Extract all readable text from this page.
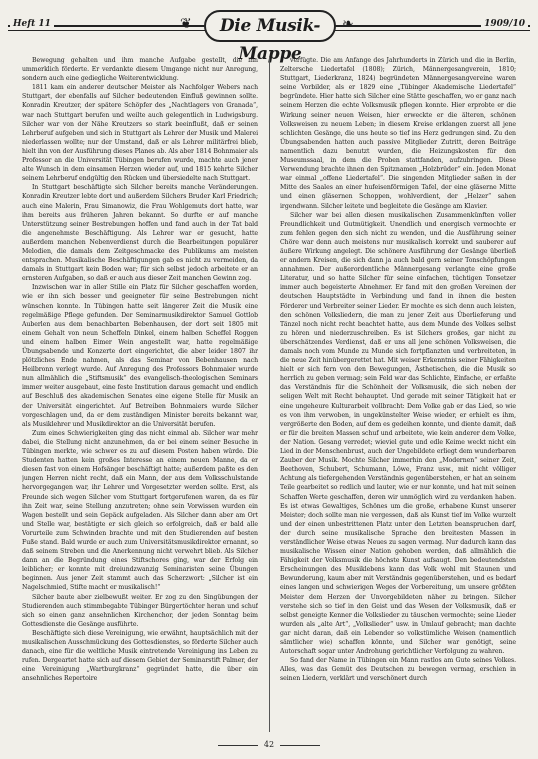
Heft 11	❦	Die Musik-Mappe
❧	1909/10

Bewegung gehalten und ihm manche Aufgabe gestellt, die ihn ummerklich förderte. Er verdankte diesem Umgange nicht nur Anregung, sondern auch eine gediegliche Weiterentwicklung.

1811 kam ein anderer deutscher Meister als Nachfolger Webers nach Stuttgart, der ebenfalls auf Silcher bedeutenden Einfluß gewinnen sollte. Konradin Kreutzer, der spätere Schöpfer des „Nachtlagers von Granada“, war nach Stuttgart berufen und weilte auch gelegentlich in Ludwigsburg. Silcher war von der Nähe Kreutzers so stark beeinflußt, daß er seinen Lehrberuf aufgeben und sich in Stuttgart als Lehrer der Musik und Malerei niederlassen wollte; nur der Umstand, daß er als Lehrer militärfrei blieb, hielt ihn von der Ausführung dieses Planes ab. Als aber 1814 Bohnmaier als Professor an die Universität Tübingen berufen wurde, machte auch jener alte Wunsch in dem einsamen Herzen wieder auf, und 1815 kehrte Silcher seinem Lehrberuf endgültig den Rücken und übersiedelte nach Stuttgart.

In Stuttgart beschäftigte sich Silcher bereits manche Veränderungen. Konradin Kreutzer lebte dort und außerdem Silchers Bruder Karl Friedrich; auch eine Malerin, Frau Simanowiz, die Frau Wohlgemuts dort hatte, war ihm bereits aus früheren Jahren bekannt. So durfte er auf manche Unterstützung seiner Bestrebungen hoffen und fand auch in der Tat bald die angenehmste Beschäftigung. Als Lehrer war er gesucht, hatte außerdem manchen Nebenverdienst durch die Bearbeitungen populärer Melodien, die damals dem Zeitgeschmacke des Publikums am meisten entsprachen. Musikalische Beschäftigungen gab es nicht zu vermeiden, da damals in Stuttgart kein Boden war; für sich selbst jedoch arbeitete er an ernsteren Aufgaben, so daß er auch aus dieser Zeit manchen Gewinn zog.

Inzwischen war in aller Stille ein Platz für Silcher geschaffen worden, wie er ihn sich besser und geeigneter für seine Bestrebungen nicht wünschen konnte. In Tübingen hatte seit längerer Zeit die Musik eine regelmäßige Pflege gefunden. Der Seminarmusikdirektor Samuel Gottlob Auberlen aus dem benachbarten Bebenhausen, der dort seit 1805 mit einem Gehalt von neun Scheffeln Dinkel, einem halben Scheffel Roggen und einem halben Eimer Wein angestellt war, hatte regelmäßige Übungsabende und Konzerte dort eingerichtet, die aber leider 1807 ihr plötzliches Ende nahmen, als das Seminar von Bebenhausen nach Heilbronn verlegt wurde. Auf Anregung des Professors Bohnmaier wurde nun allmählich die „Stiftsmusik“ des evangelisch-theologischen Seminars immer weiter ausgebaut, eine feste Institution daraus gemacht und endlich auf Beschluß des akademischen Senates eine eigene Stelle für Musik an der Universität eingerichtet. Auf Betreiben Bohnmaiers wurde Silcher vorgeschlagen und, da er dem zuständigen Minister bereits bekannt war, als Musiklehrer und Musikdirektor an die Universität berufen.

Zum eines Schwierigkeiten ging das nicht einmal ab. Silcher war mehr dabei, die Stellung nicht anzunehmen, da er bei einem seiner Besuche in Tübingen merkte, wie schwer es zu auf diesem Posten haben würde. Die Studenten hatten kein großes Interesse an einem neuen Manne, da er diesen fast von einem Hofsänger beschäftigt hatte; außerdem paßte es den jungen Herren nicht recht, daß ein Mann, der aus dem Volksschulstande hervorgegangen war, ihr Lehrer und Vorgesetzter werden sollte. Erst, als Freunde sich wegen Silcher vom Stuttgart fortgerufenen waren, da es für ihn Zeit war, seine Stellung anzutreten; ohne sein Vorwissen wurden ein Wagen bestellt und sein Gepäck aufgeladen. Als Silcher dann aber am Ort und Stelle war, bestätigte er sich gleich so erfolgreich, daß er bald alle Vorurteile zum Schwinden brachte und mit den Studierenden auf besten Fuße stand. Bald wurde er auch zum Universitätsmusikdirektor ernannt, so daß seinem Streben und die Anerkennung nicht verwehrt blieb. Als Silcher dann an die Begründung eines Stiftschores ging, war der Erfolg ein leiblicher; er konnte mit dreiundzwanzig Seminaristen seine Übungen beginnen. Aus jener Zeit stammt auch das Scherzwort: „Silcher ist ein Nagelschmied, Stifte macht er musikalisch!“

Silcher baute aber zielbewußt weiter. Er zog zu den Singübungen der Studierenden auch stimmbegabte Tübinger Bürgertöchter heran und schuf sich so einen ganz ansehnlichen Kirchenchor, der jeden Sonntag beim Gottesdienste die Gesänge ausführte.

Beschäftigte sich diese Vereinigung, wie erwähnt, hauptsächlich mit der musikalischen Ausschmückung des Gottesdienstes, so förderte Silcher auch danach, eine für die weltliche Musik eintretende Vereinigung ins Leben zu rufen. Dergeartet hatte sich auf diesem Gebiet der Seminarstift Palmer, der eine Vereinigung „Wartburgkranz“ gegründet hatte, die über ein ansehnliches Repertoire

verfügte. Die am Anfange des Jahrhunderts in Zürich und die in Berlin, Zeltersche Liedertafel (1808); Zürich, Männergesangverein, 1810; Stuttgart, Liederkranz, 1824) begründeten Männergesangvereine waren seine Vorbilder, als er 1829 eine „Tübinger Akademische Liedertafel“ begründete. Hier hatte sich Silcher eine Stätte geschaffen, wo er ganz nach seinem Herzen die echte Volksmusik pflegen konnte. Hier erprobte er die Wirkung seiner neuen Weisen, hier erweckte er die älteren, schönen Volksweisen zu neuem Leben; in diesem Kreise erklangen zuerst all jene schlichten Gesänge, die uns heute so tief ins Herz gedrungen sind. Zu den Übungsabenden hatten auch passive Mitglieder Zutritt, deren Beiträge namentlich dazu benutzt wurden, die Heizungskosten für den Museumssaal, in dem die Proben stattfanden, aufzubringen. Diese Verwendung brachte ihnen den Spitznamen „Holzbrüder“ ein. Jeden Monat war einmal „offene Liedertafel“. Die singenden Mitglieder saßen in der Mitte des Saales an einer hufeisenförmigen Tafel, der eine gläserne Mitte und einen gläsernen Schoppen, wohlverdient, der „Helzer“ sahen irgendwann. Silcher leitete und begleitete die Gesänge am Klavier.

Silcher war bei allen diesen musikalischen Zusammenkünften voller Freundlichkeit und Gutmütigkeit. Unendlich und energisch vermochte er zum fehlen gegen den sich nicht zu wenden, und die Ausführung seiner Chöre war denn auch meistens nur musikalisch korrekt und sauberer auf äußere Wirkung angelegt. Die schönere Ausführung der Gesänge überließ er andern Kreisen, die sich dann ja auch bald gern seiner Tonschöpfungen annahmen. Der außerordentliche Männergesang verlangte eine große Literatur, und so hatte Silcher für seine einfachen, tüchtigen Tonsetzer immer auch begeisterte Abnehmer. Er fand mit den großen Vereinen der deutschen Hauptstädte in Verbindung und fand in ihnen die besten Förderer und Verbreiter seiner Lieder. Er mochte es sich denn auch leisten, den schönen Volksliedern, die man zu jener Zeit aus Überlieferung und Tänzel noch nicht recht beachtet hatte, aus dem Munde des Volkes selbst zu hören und niederzuschreiben. Es ist Silchers großes, gar nicht zu überschätzendes Verdienst, daß er uns all jene schönen Volksweisen, die damals noch vom Munde zu Munde sich fortpflanzten und verbreiteten, in die neue Zeit hinübergerettet hat. Mit weiser Erkenntnis seiner Fähigkeiten hielt er sich fern von den Bewegungen, Ästhetischen, die die Musik so herrlich zu geben vermag; sein Feld war das Schlichte, Einfache, er erfaßte das Verständnis für die Schönheit der Volksmusik, die sich neben der seligen Welt mit Recht behauptet. Und gerade mit seiner Tätigkeit hat er eine ungeheure Kulturarbeit vollbracht: Dem Volke gab er das Lied, so wie es von ihm verwoben, in ungekünstelter Weise wieder, er erhielt es ihm, vergrößerte den Boden, auf dem es gedeihen konnte, und diente damit, daß er für die breiten Massen schuf und arbeitete, wie kein anderer dem Volke, der Nation. Gesang verredet; wieviel gute und edle Keime weckt nicht ein Lied in der Menschenbrust, auch der Ungebildete erliegt dem wunderbaren Zauber der Musik. Mochte Silcher immerhin den „Modernen“ seiner Zeit, Beethoven, Schubert, Schumann, Löwe, Franz usw., mit nicht völliger Achtung als tiefergehenden Verständnis gegenüberstehen, er hat an seinem Teile gearbeitet so redlich und lauter, wie er nur konnte, und hat mit seinen Schaffen Werte geschaffen, deren wir unmöglich wird zu verdanken haben. Es ist etwas Gewaltiges, Schönes um die große, erhabene Kunst unserer Meister; doch sollte man nie vergessen, daß als Kunst tief im Volke wurzelt und der einen unbestrittenen Platz unter den Letzten beanspruchen darf, der durch seine musikalische Sprache den breitesten Massen in verständlicher Weise etwas Neues zu sagen vermag. Nur dadurch kann das musikalische Wissen einer Nation gehoben werden, daß allmählich die Fähigkeit der Volksmusik die höchste Kunst aufsaugt. Den bedeutendsten Erscheinungen des Musiklebens kann das Volk wohl mit Staunen und Bewunderung, kaum aber mit Verständnis gegenüberstehen, und es bedarf eines langen und schwierigen Weges der Vorbereitung, um unsere größten Meister dem Herzen der Unvorgebildeten näher zu bringen. Silcher verstehe sich so tief in den Geist und das Wesen der Volksmusik, daß er selbst geneigte Kenner die Volkslieder zu täuschen vermochte; seine Lieder wurden als „alte Art“, „Volkslieder“ usw. in Umlauf gebracht; man dachte gar nicht daran, daß ein Lebender so volkstümliche Weisen (namentlich sämtlicher wie) schaffen könnte, und Silcher war genötigt, seine Autorschaft sogar unter Androhung gerichtlicher Verfolgung zu wahren.

So fand der Name in Tübingen ein Mann rastlos am Gute seines Volkes. Alles, was das Gemüt des Deutschen zu bewegen vermag, erschien in seinen Liedern, verklärt und verschönert durch

42
